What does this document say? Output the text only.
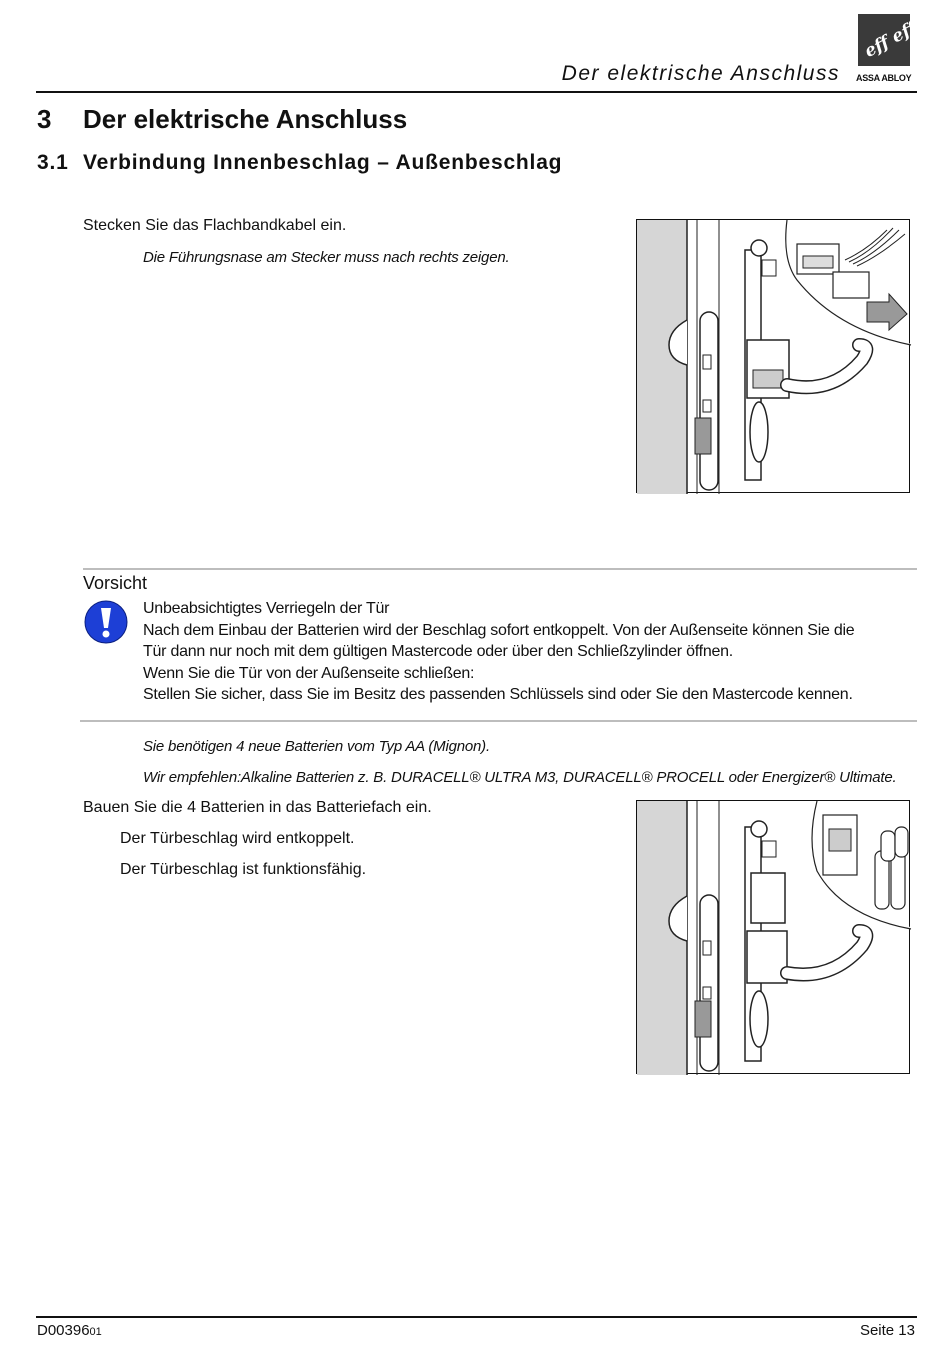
eff eff
ASSA ABLOY
Der elektrische Anschluss
3 Der elektrische Anschluss
3.1 Verbindung Innenbeschlag – Außenbeschlag
Stecken Sie das Flachbandkabel ein.
Die Führungsnase am Stecker muss nach rechts zeigen.
Vorsicht
Unbeabsichtigtes Verriegeln der Tür
Nach dem Einbau der Batterien wird der Beschlag sofort entkoppelt. Von der Außenseite können Sie die
Tür dann nur noch mit dem gültigen Mastercode oder über den Schließzylinder öffnen.
Wenn Sie die Tür von der Außenseite schließen:
Stellen Sie sicher, dass Sie im Besitz des passenden Schlüssels sind oder Sie den Mastercode kennen.
Sie benötigen 4 neue Batterien vom Typ AA (Mignon).
Wir empfehlen:Alkaline Batterien z. B. DURACELL® ULTRA M3, DURACELL® PROCELL oder Energizer® Ultimate.
Bauen Sie die 4 Batterien in das Batteriefach ein.
Der Türbeschlag wird entkoppelt.
Der Türbeschlag ist funktionsfähig.
D0039601	Seite 13
